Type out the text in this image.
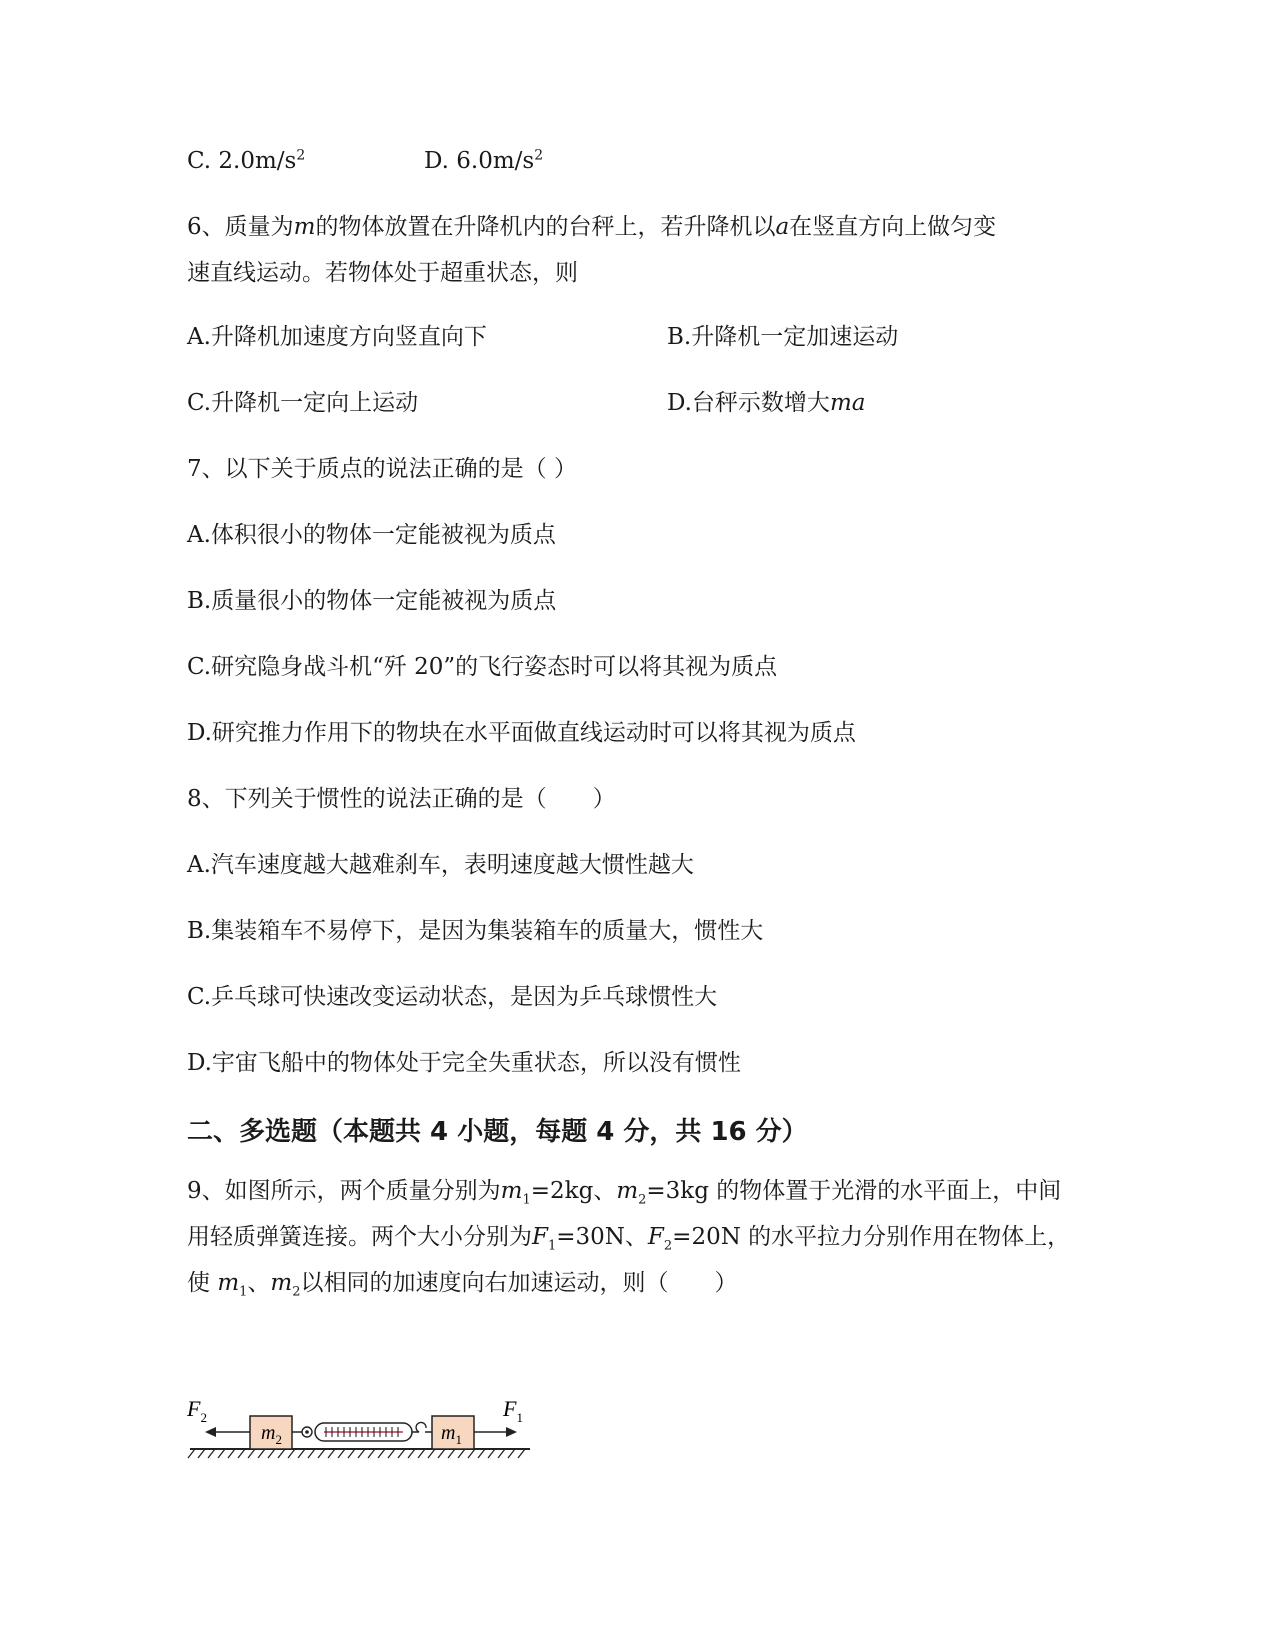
C. $2.0m/s^2$	D. $6.0m/s^2$
6、质量为m的物体放置在升降机内的台秤上，若升降机以a在竖直方向上做匀变
速直线运动。若物体处于超重状态，则
A.升降机加速度方向竖直向下	B.升降机一定加速运动
C.升降机一定向上运动	D.台秤示数增大ma
7、以下关于质点的说法正确的是（ ）
A.体积很小的物体一定能被视为质点
B.质量很小的物体一定能被视为质点
C.研究隐身战斗机“歼 20”的飞行姿态时可以将其视为质点
D.研究推力作用下的物块在水平面做直线运动时可以将其视为质点
8、下列关于惯性的说法正确的是（　　）
A.汽车速度越大越难刹车，表明速度越大惯性越大
B.集装箱车不易停下，是因为集装箱车的质量大，惯性大
C.乒乓球可快速改变运动状态，是因为乒乓球惯性大
D.宇宙飞船中的物体处于完全失重状态，所以没有惯性
二、多选题（本题共 4 小题，每题 4 分，共 16 分）
9、如图所示，两个质量分别为$m_1=2kg$、$m_2=3kg$ 的物体置于光滑的水平面上，中间
用轻质弹簧连接。两个大小分别为$F_1=30N$、$F_2=20N$ 的水平拉力分别作用在物体上，
使 $m_1$、$m_2$以相同的加速度向右加速运动，则（　　）
$m_2$	$m_1$
$F_2$	$F_1$
